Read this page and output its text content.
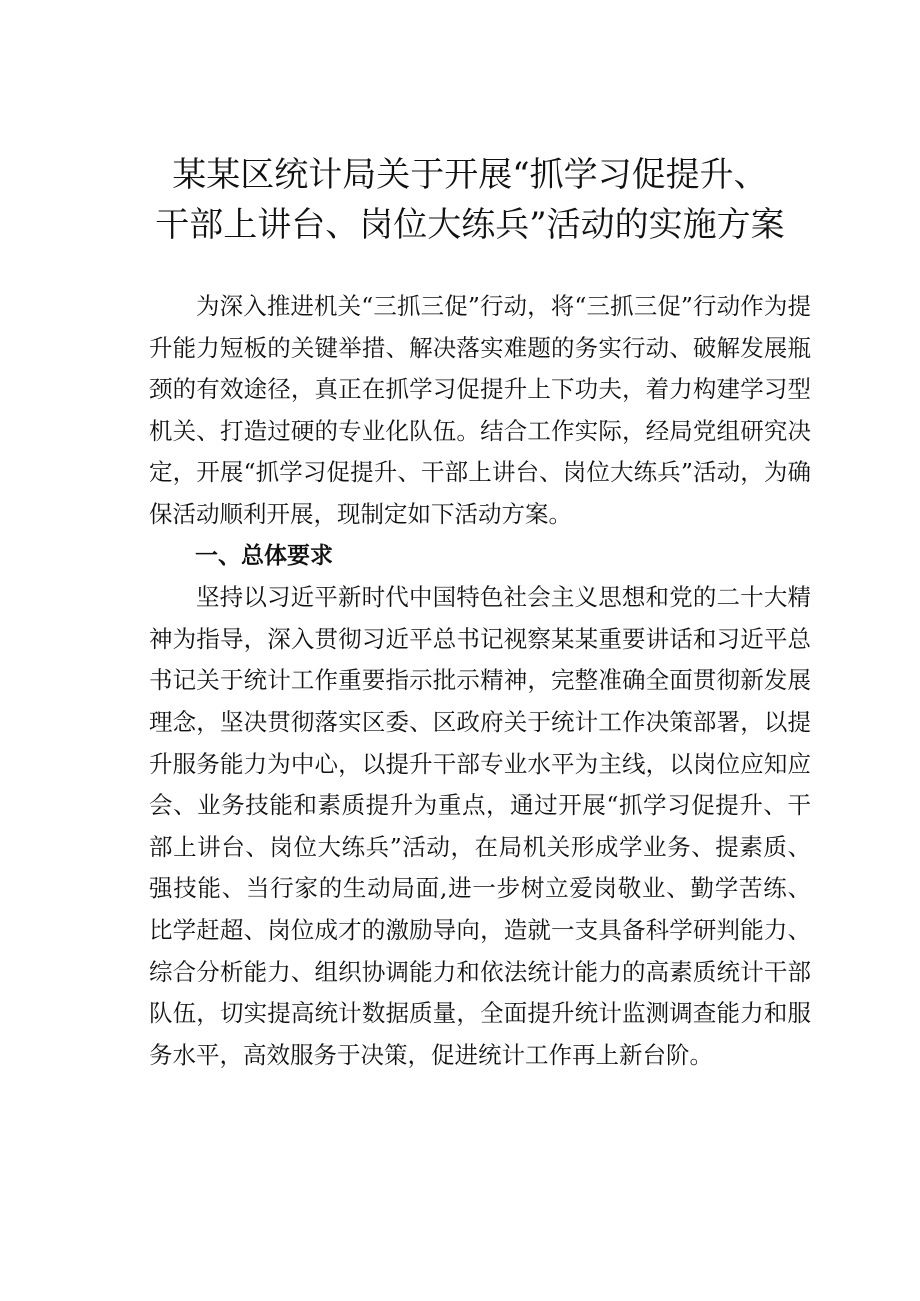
某某区统计局关于开展“抓学习促提升、
干部上讲台、岗位大练兵”活动的实施方案

为深入推进机关“三抓三促”行动，将“三抓三促”行动作为提升能力短板的关键举措、解决落实难题的务实行动、破解发展瓶颈的有效途径，真正在抓学习促提升上下功夫，着力构建学习型机关、打造过硬的专业化队伍。结合工作实际，经局党组研究决定，开展“抓学习促提升、干部上讲台、岗位大练兵”活动，为确保活动顺利开展，现制定如下活动方案。

一、总体要求

坚持以习近平新时代中国特色社会主义思想和党的二十大精神为指导，深入贯彻习近平总书记视察某某重要讲话和习近平总书记关于统计工作重要指示批示精神，完整准确全面贯彻新发展理念，坚决贯彻落实区委、区政府关于统计工作决策部署，以提升服务能力为中心，以提升干部专业水平为主线，以岗位应知应会、业务技能和素质提升为重点，通过开展“抓学习促提升、干部上讲台、岗位大练兵”活动，在局机关形成学业务、提素质、强技能、当行家的生动局面,进一步树立爱岗敬业、勤学苦练、比学赶超、岗位成才的激励导向，造就一支具备科学研判能力、综合分析能力、组织协调能力和依法统计能力的高素质统计干部队伍，切实提高统计数据质量，全面提升统计监测调查能力和服务水平，高效服务于决策，促进统计工作再上新台阶。
